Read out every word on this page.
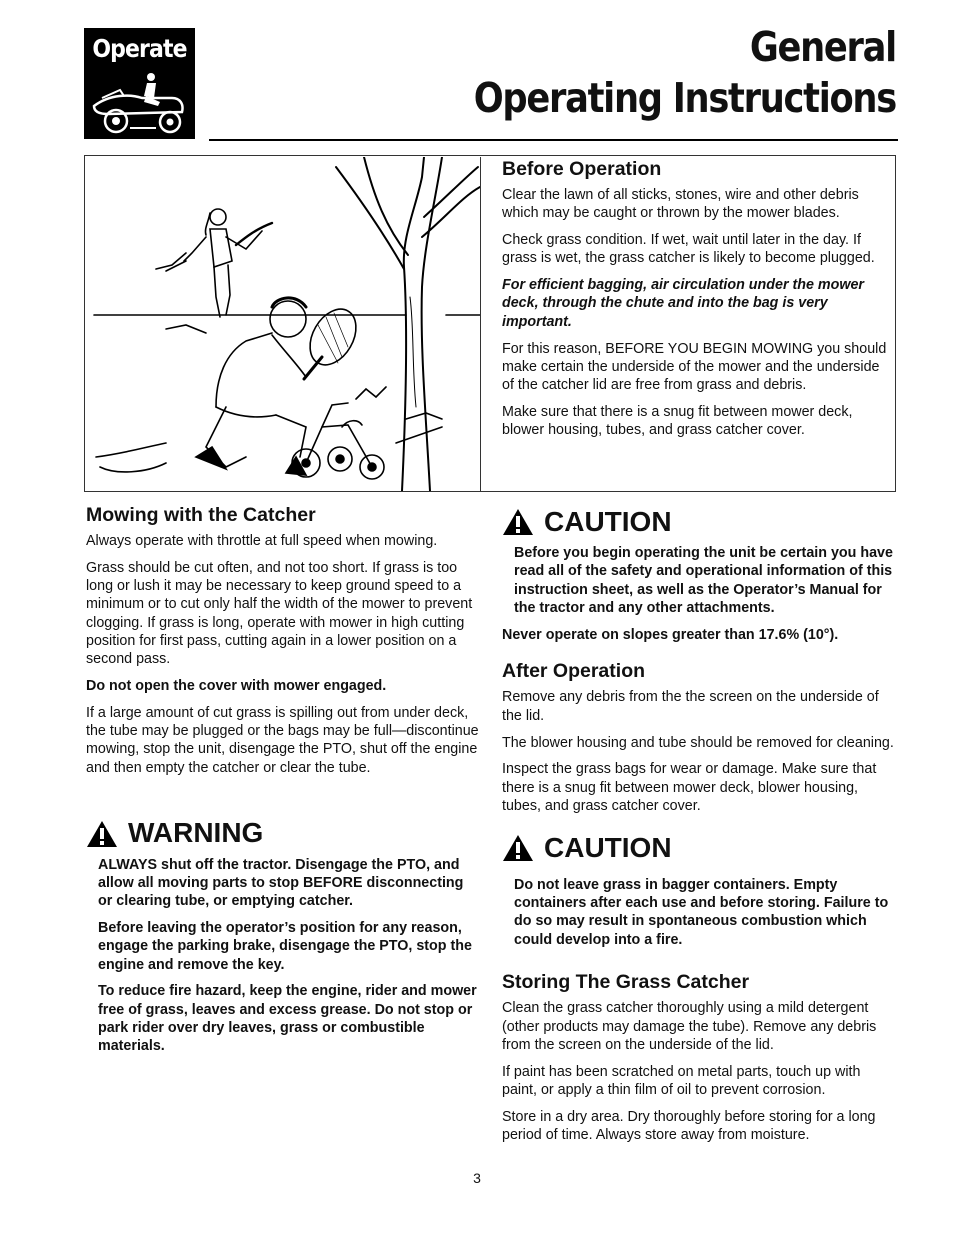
Operate	General
Operating Instructions
Before Operation

Clear the lawn of all sticks, stones, wire and other debris which may be caught or thrown by the mower blades.

Check grass condition. If wet, wait until later in the day. If grass is wet, the grass catcher is likely to become plugged.

For efficient bagging, air circulation under the mower deck, through the chute and into the bag is very important.

For this reason, BEFORE YOU BEGIN MOWING you should make certain the underside of the mower and the underside of the catcher lid are free from grass and debris.

Make sure that there is a snug fit between mower deck, blower housing, tubes, and grass catcher cover.

Mowing with the Catcher

Always operate with throttle at full speed when mowing.

Grass should be cut often, and not too short. If grass is too long or lush it may be necessary to keep ground speed to a minimum or to cut only half the width of the mower to prevent clogging. If grass is long, operate with mower in high cutting position for first pass, cutting again in a lower position on a second pass.

Do not open the cover with mower engaged.

If a large amount of cut grass is spilling out from under deck, the tube may be plugged or the bags may be full—discontinue mowing, stop the unit, disengage the PTO, shut off the engine and then empty the catcher or clear the tube.

WARNING

ALWAYS shut off the tractor. Disengage the PTO, and allow all moving parts to stop BEFORE disconnecting or clearing tube, or emptying catcher.

Before leaving the operator’s position for any reason, engage the parking brake, disengage the PTO, stop the engine and remove the key.

To reduce fire hazard, keep the engine, rider and mower free of grass, leaves and excess grease. Do not stop or park rider over dry leaves, grass or combustible materials.

CAUTION

Before you begin operating the unit be certain you have read all of the safety and operational information of this instruction sheet, as well as the Operator’s Manual for the tractor and any other attachments.

Never operate on slopes greater than 17.6% (10°).

After Operation

Remove any debris from the the screen on the underside of the lid.

The blower housing and tube should be removed for cleaning.

Inspect the grass bags for wear or damage. Make sure that there is a snug fit between mower deck, blower housing, tubes, and grass catcher cover.

CAUTION

Do not leave grass in bagger containers. Empty containers after each use and before storing. Failure to do so may result in spontaneous combustion which could develop into a fire.

Storing The Grass Catcher

Clean the grass catcher thoroughly using a mild detergent (other products may damage the tube). Remove any debris from the screen on the underside of the lid.

If paint has been scratched on metal parts, touch up with paint, or apply a thin film of oil to prevent corrosion.

Store in a dry area. Dry thoroughly before storing for a long period of time. Always store away from moisture.

3
